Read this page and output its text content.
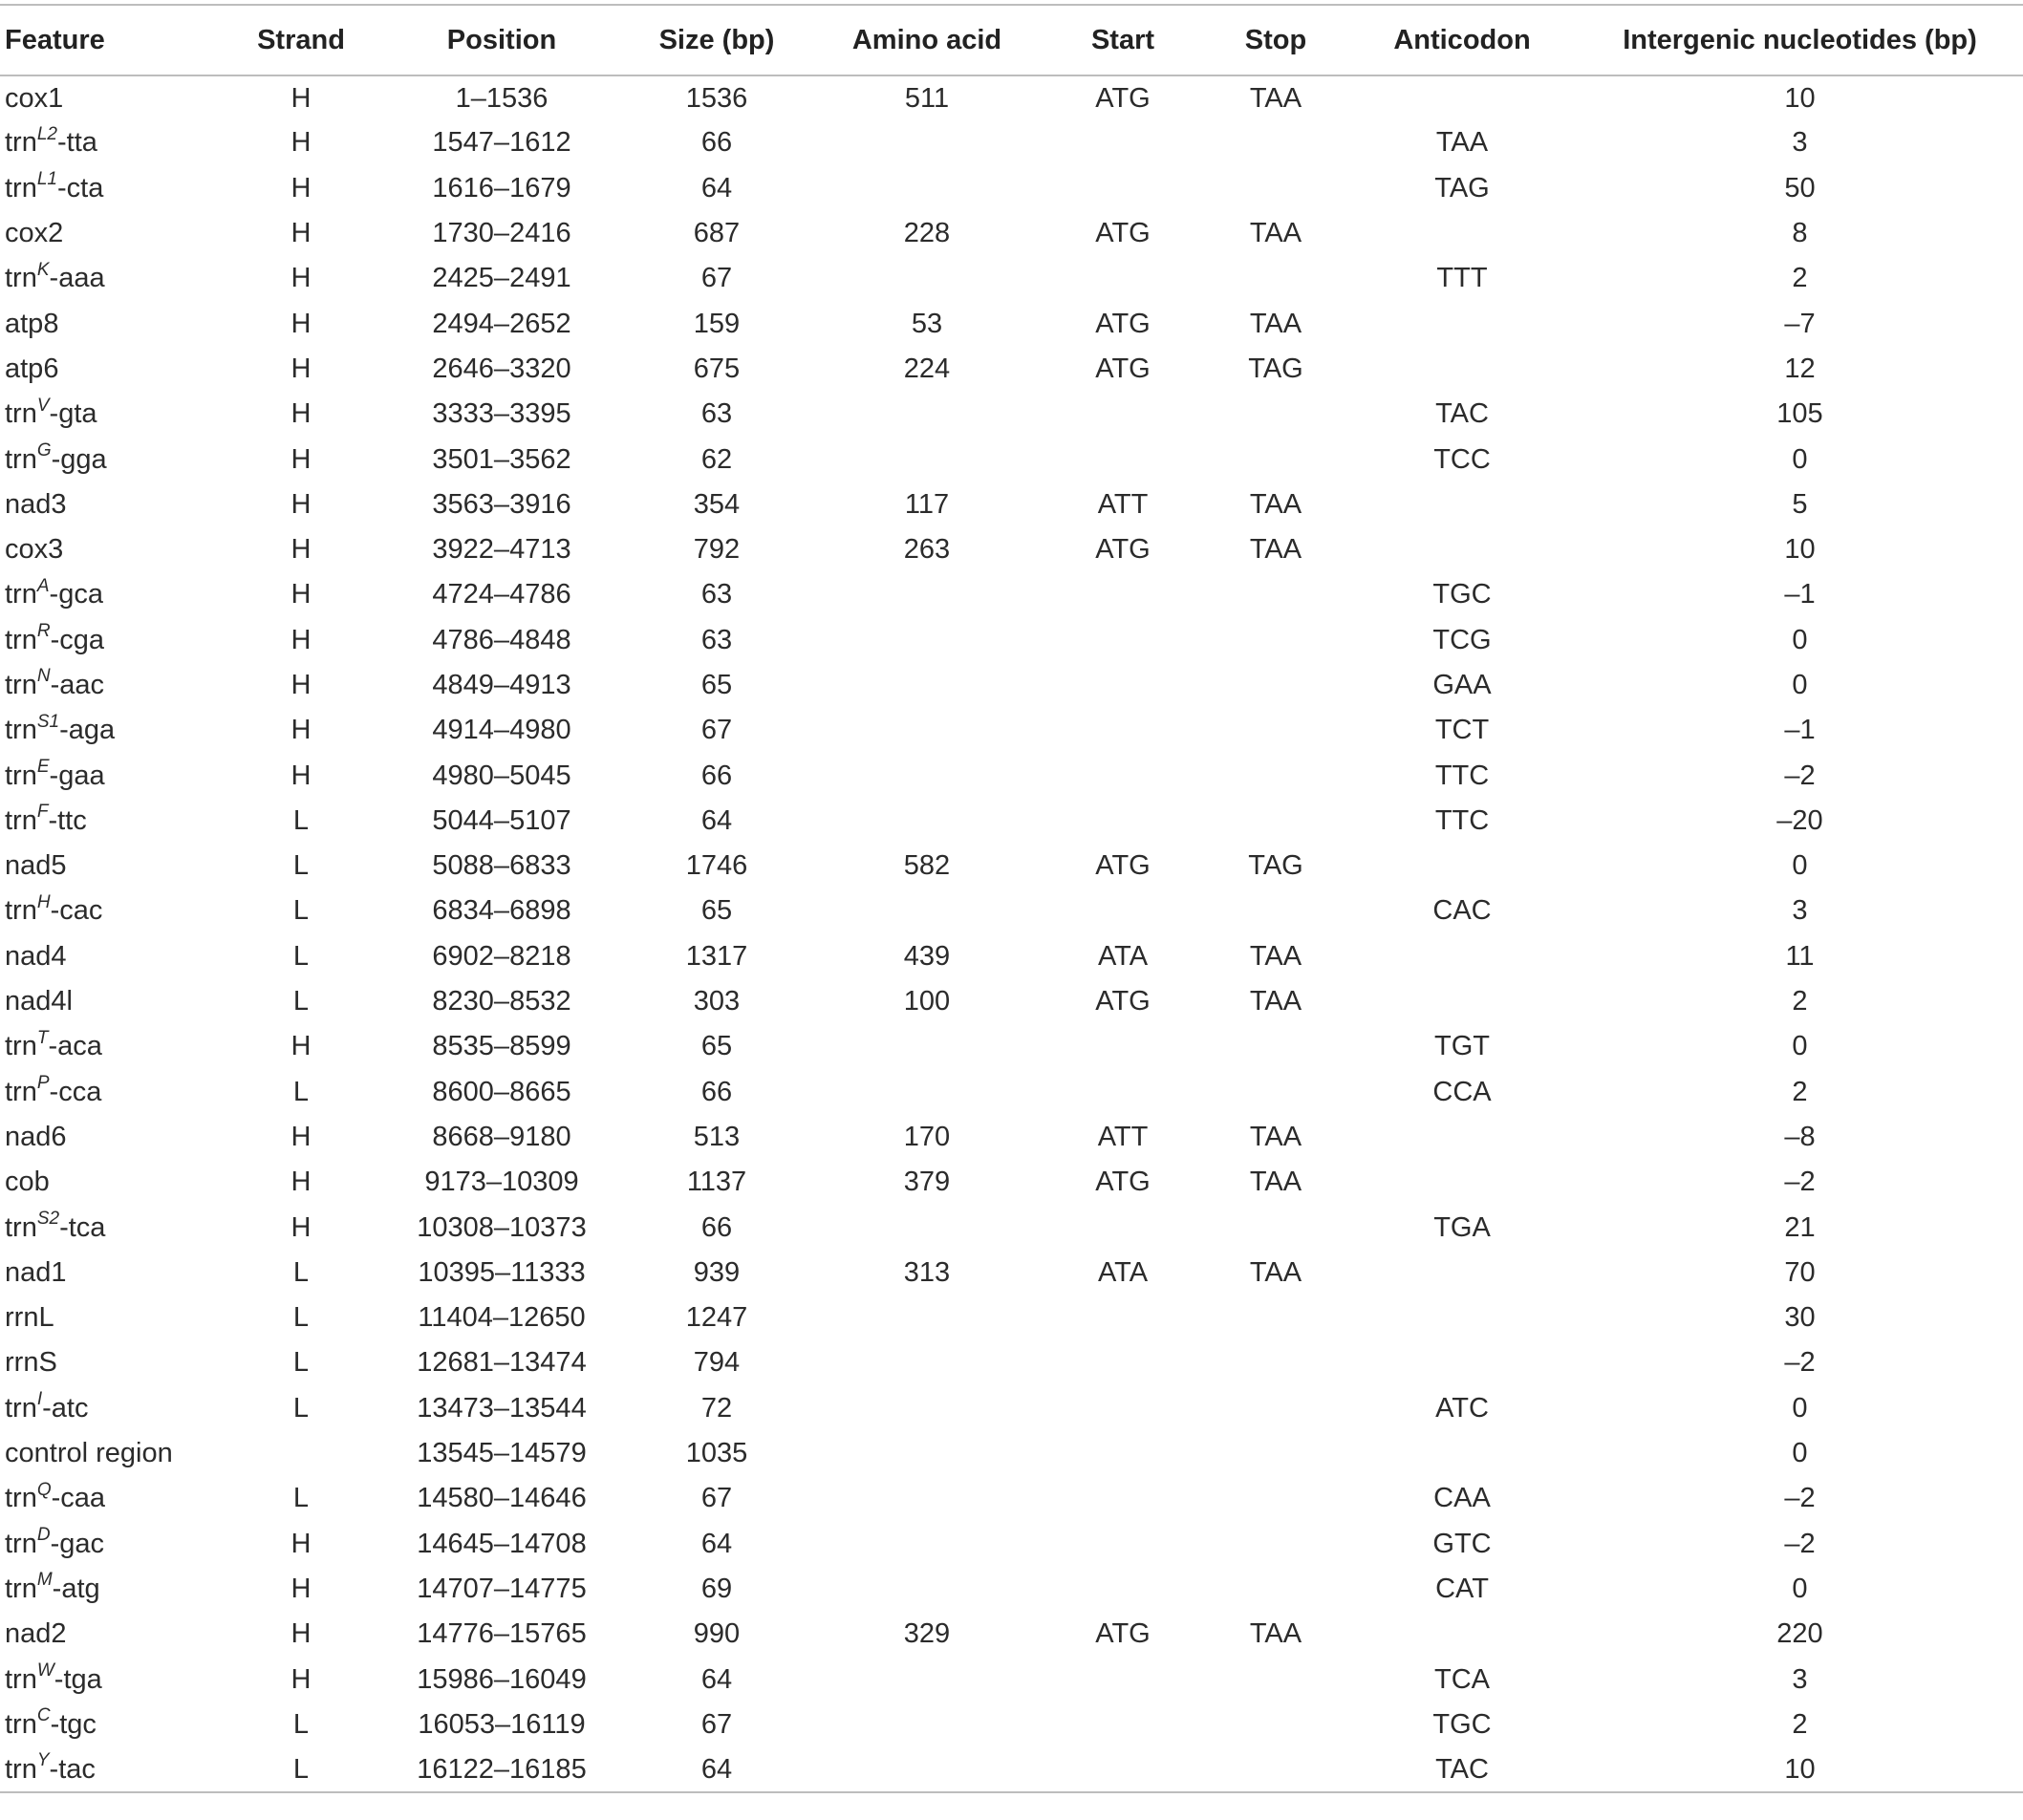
Feature	Strand	Position	Size (bp)	Amino acid	Start	Stop	Anticodon	Intergenic nucleotides (bp)
cox1	H	1–1536	1536	511	ATG	TAA		10
trn$^{L2}$-tta	H	1547–1612	66				TAA	3
trn$^{L1}$-cta	H	1616–1679	64				TAG	50
cox2	H	1730–2416	687	228	ATG	TAA		8
trn$^K$-aaa	H	2425–2491	67				TTT	2
atp8	H	2494–2652	159	53	ATG	TAA		–7
atp6	H	2646–3320	675	224	ATG	TAG		12
trn$^V$-gta	H	3333–3395	63				TAC	105
trn$^G$-gga	H	3501–3562	62				TCC	0
nad3	H	3563–3916	354	117	ATT	TAA		5
cox3	H	3922–4713	792	263	ATG	TAA		10
trn$^A$-gca	H	4724–4786	63				TGC	–1
trn$^R$-cga	H	4786–4848	63				TCG	0
trn$^N$-aac	H	4849–4913	65				GAA	0
trn$^{S1}$-aga	H	4914–4980	67				TCT	–1
trn$^E$-gaa	H	4980–5045	66				TTC	–2
trn$^F$-ttc	L	5044–5107	64				TTC	–20
nad5	L	5088–6833	1746	582	ATG	TAG		0
trn$^H$-cac	L	6834–6898	65				CAC	3
nad4	L	6902–8218	1317	439	ATA	TAA		11
nad4l	L	8230–8532	303	100	ATG	TAA		2
trn$^T$-aca	H	8535–8599	65				TGT	0
trn$^P$-cca	L	8600–8665	66				CCA	2
nad6	H	8668–9180	513	170	ATT	TAA		–8
cob	H	9173–10309	1137	379	ATG	TAA		–2
trn$^{S2}$-tca	H	10308–10373	66				TGA	21
nad1	L	10395–11333	939	313	ATA	TAA		70
rrnL	L	11404–12650	1247					30
rrnS	L	12681–13474	794					–2
trn$^I$-atc	L	13473–13544	72				ATC	0
control region		13545–14579	1035					0
trn$^Q$-caa	L	14580–14646	67				CAA	–2
trn$^D$-gac	H	14645–14708	64				GTC	–2
trn$^M$-atg	H	14707–14775	69				CAT	0
nad2	H	14776–15765	990	329	ATG	TAA		220
trn$^W$-tga	H	15986–16049	64				TCA	3
trn$^C$-tgc	L	16053–16119	67				TGC	2
trn$^Y$-tac	L	16122–16185	64				TAC	10
